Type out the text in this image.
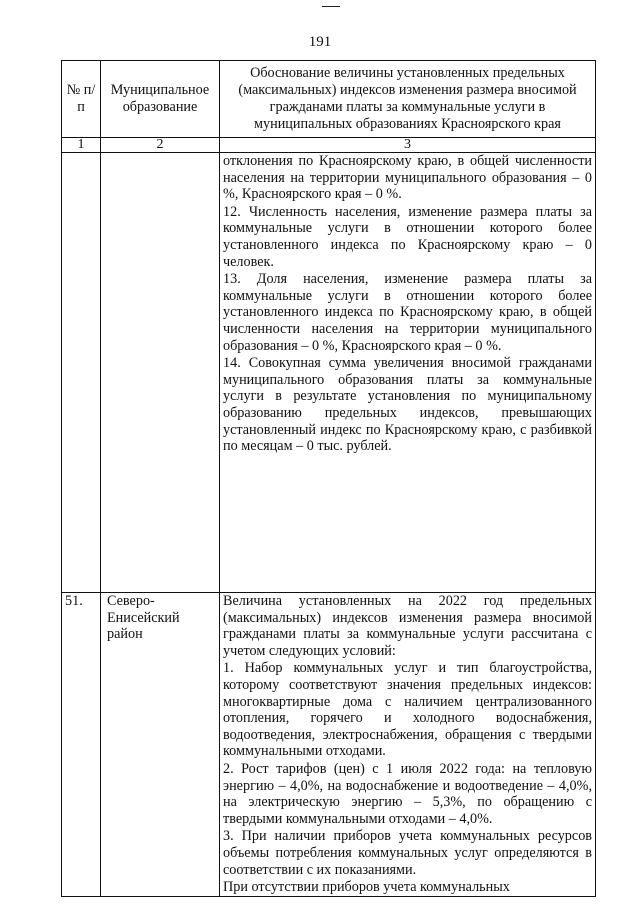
191
№ п/п	Муниципальное образование	Обоснование величины установленных предельных (максимальных) индексов изменения размера вносимой гражданами платы за коммунальные услуги в муниципальных образованиях Красноярского края
1	2	3

		отклонения по Красноярскому краю, в общей численности населения на территории муниципального образования – 0 %, Красноярского края – 0 %.
12. Численность населения, изменение размера платы за коммунальные услуги в отношении которого более установленного индекса по Красноярскому краю – 0 человек.
13. Доля населения, изменение размера платы за коммунальные услуги в отношении которого более установленного индекса по Красноярскому краю, в общей численности населения на территории муниципального образования – 0 %, Красноярского края – 0 %.
14. Совокупная сумма увеличения вносимой гражданами муниципального образования платы за коммунальные услуги в результате установления по муниципальному образованию предельных индексов, превышающих установленный индекс по Красноярскому краю, с разбивкой по месяцам – 0 тыс. рублей.

51.	Северо-Енисейский район	Величина установленных на 2022 год предельных (максимальных) индексов изменения размера вносимой гражданами платы за коммунальные услуги рассчитана с учетом следующих условий:
1. Набор коммунальных услуг и тип благоустройства, которому соответствуют значения предельных индексов: многоквартирные дома с наличием централизованного отопления, горячего и холодного водоснабжения, водоотведения, электроснабжения, обращения с твердыми коммунальными отходами.
2. Рост тарифов (цен) с 1 июля 2022 года: на тепловую энергию – 4,0%, на водоснабжение и водоотведение – 4,0%, на электрическую энергию – 5,3%, по обращению с твердыми коммунальными отходами – 4,0%.
3. При наличии приборов учета коммунальных ресурсов объемы потребления коммунальных услуг определяются в соответствии с их показаниями.
При отсутствии приборов учета коммунальных
